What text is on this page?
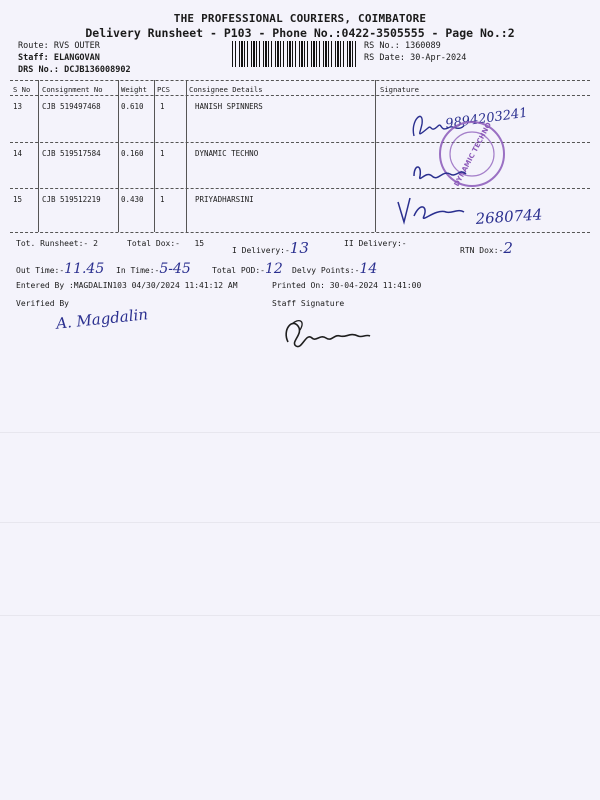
THE PROFESSIONAL COURIERS, COIMBATORE
Delivery Runsheet - P103 - Phone No.:0422-3505555 - Page No.:2
Route: RVS OUTER
Staff: ELANGOVAN
DRS No.: DCJB136008902
RS No.: 1360089
RS Date: 30-Apr-2024
S No Consignment No	Weight PCS	Consignee Details	Signature
13	CJB 519497468	0.610 1	HANISH SPINNERS
14	CJB 519517584	0.160 1	DYNAMIC TECHNO
15	CJB 519512219	0.430 1	PRIYADHARSINI
9894203241
DYNAMIC TECHNO
2680744
Tot. Runsheet:- 2	Total Dox:- 15
I Delivery:-13	II Delivery:-
RTN Dox:-2
Out Time:-11.45 In Time:-5-45	Total POD:-12 Delvy Points:-14
Entered By :MAGDALIN103 04/30/2024 11:41:12 AM	Printed On: 30-04-2024 11:41:00
Verified By	Staff Signature
A. Magdalin
